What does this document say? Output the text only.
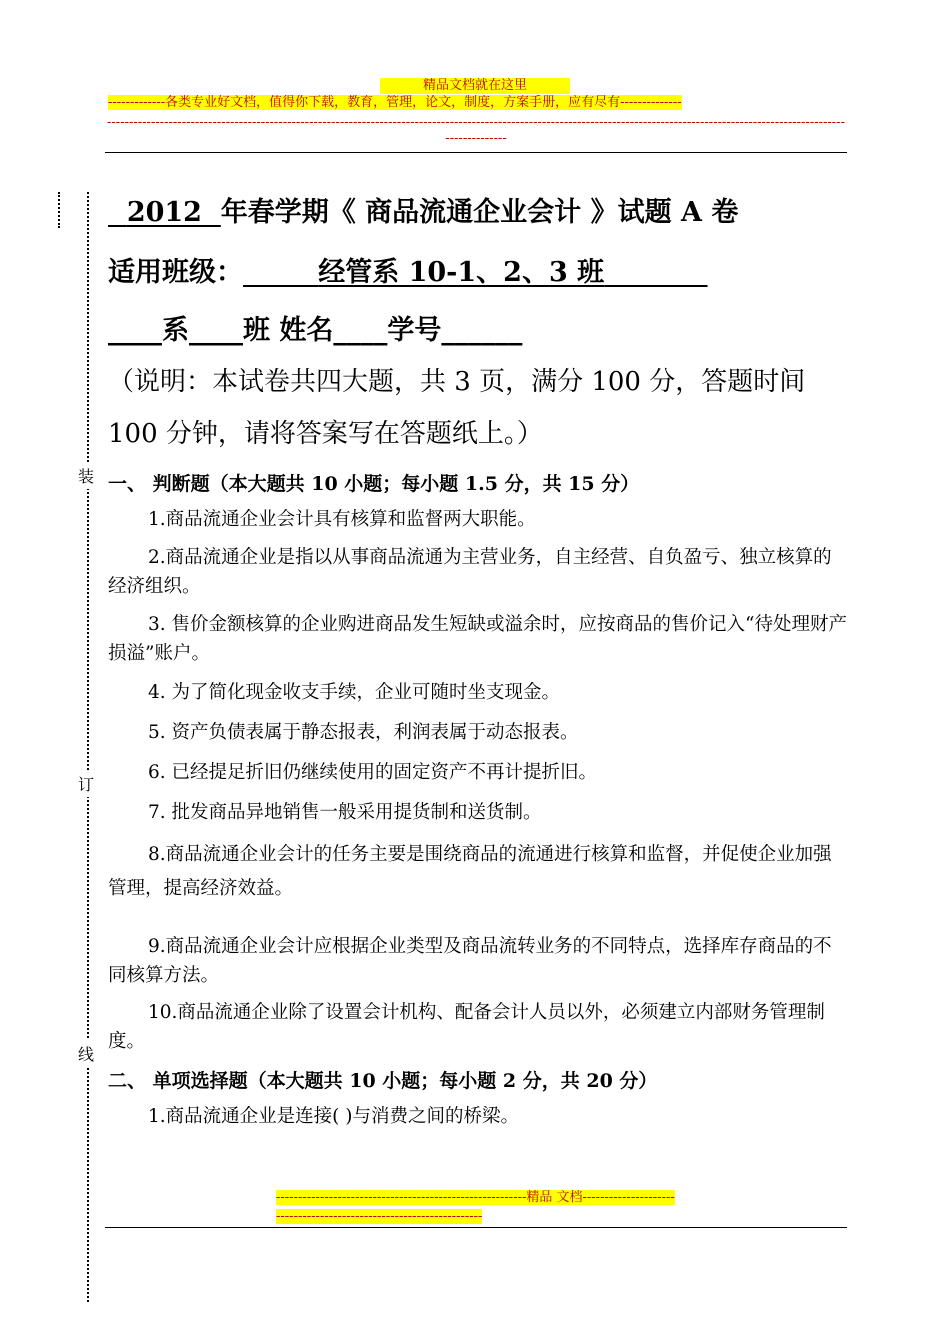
精品文档就在这里
-------------各类专业好文档，值得你下载，教育，管理，论文，制度，方案手册，应有尽有--------------
--------------------------------------------------------------------------------------------------------------------------------------------------------------------------------------
装
订
线
2012 年春学期《 商品流通企业会计 》试题 A 卷
适用班级：	经管系 10-1、2、3 班
____系____班 姓名____学号______
（说明：本试卷共四大题，共 3 页，满分 100 分，答题时间 100 分钟，请将答案写在答题纸上。）
一、 判断题（本大题共 10 小题；每小题 1.5 分，共 15 分）
1.商品流通企业会计具有核算和监督两大职能。
2.商品流通企业是指以从事商品流通为主营业务，自主经营、自负盈亏、独立核算的经济组织。
3. 售价金额核算的企业购进商品发生短缺或溢余时，应按商品的售价记入“待处理财产损溢”账户。
4. 为了简化现金收支手续，企业可随时坐支现金。
5. 资产负债表属于静态报表，利润表属于动态报表。
6. 已经提足折旧仍继续使用的固定资产不再计提折旧。
7. 批发商品异地销售一般采用提货制和送货制。
8.商品流通企业会计的任务主要是围绕商品的流通进行核算和监督，并促使企业加强管理，提高经济效益。
9.商品流通企业会计应根据企业类型及商品流转业务的不同特点，选择库存商品的不同核算方法。
10.商品流通企业除了设置会计机构、配备会计人员以外，必须建立内部财务管理制度。
二、 单项选择题（本大题共 10 小题；每小题 2 分，共 20 分）
1.商品流通企业是连接( )与消费之间的桥梁。
---------------------------------------------------------精品 文档--------------------------------------------------------------------
